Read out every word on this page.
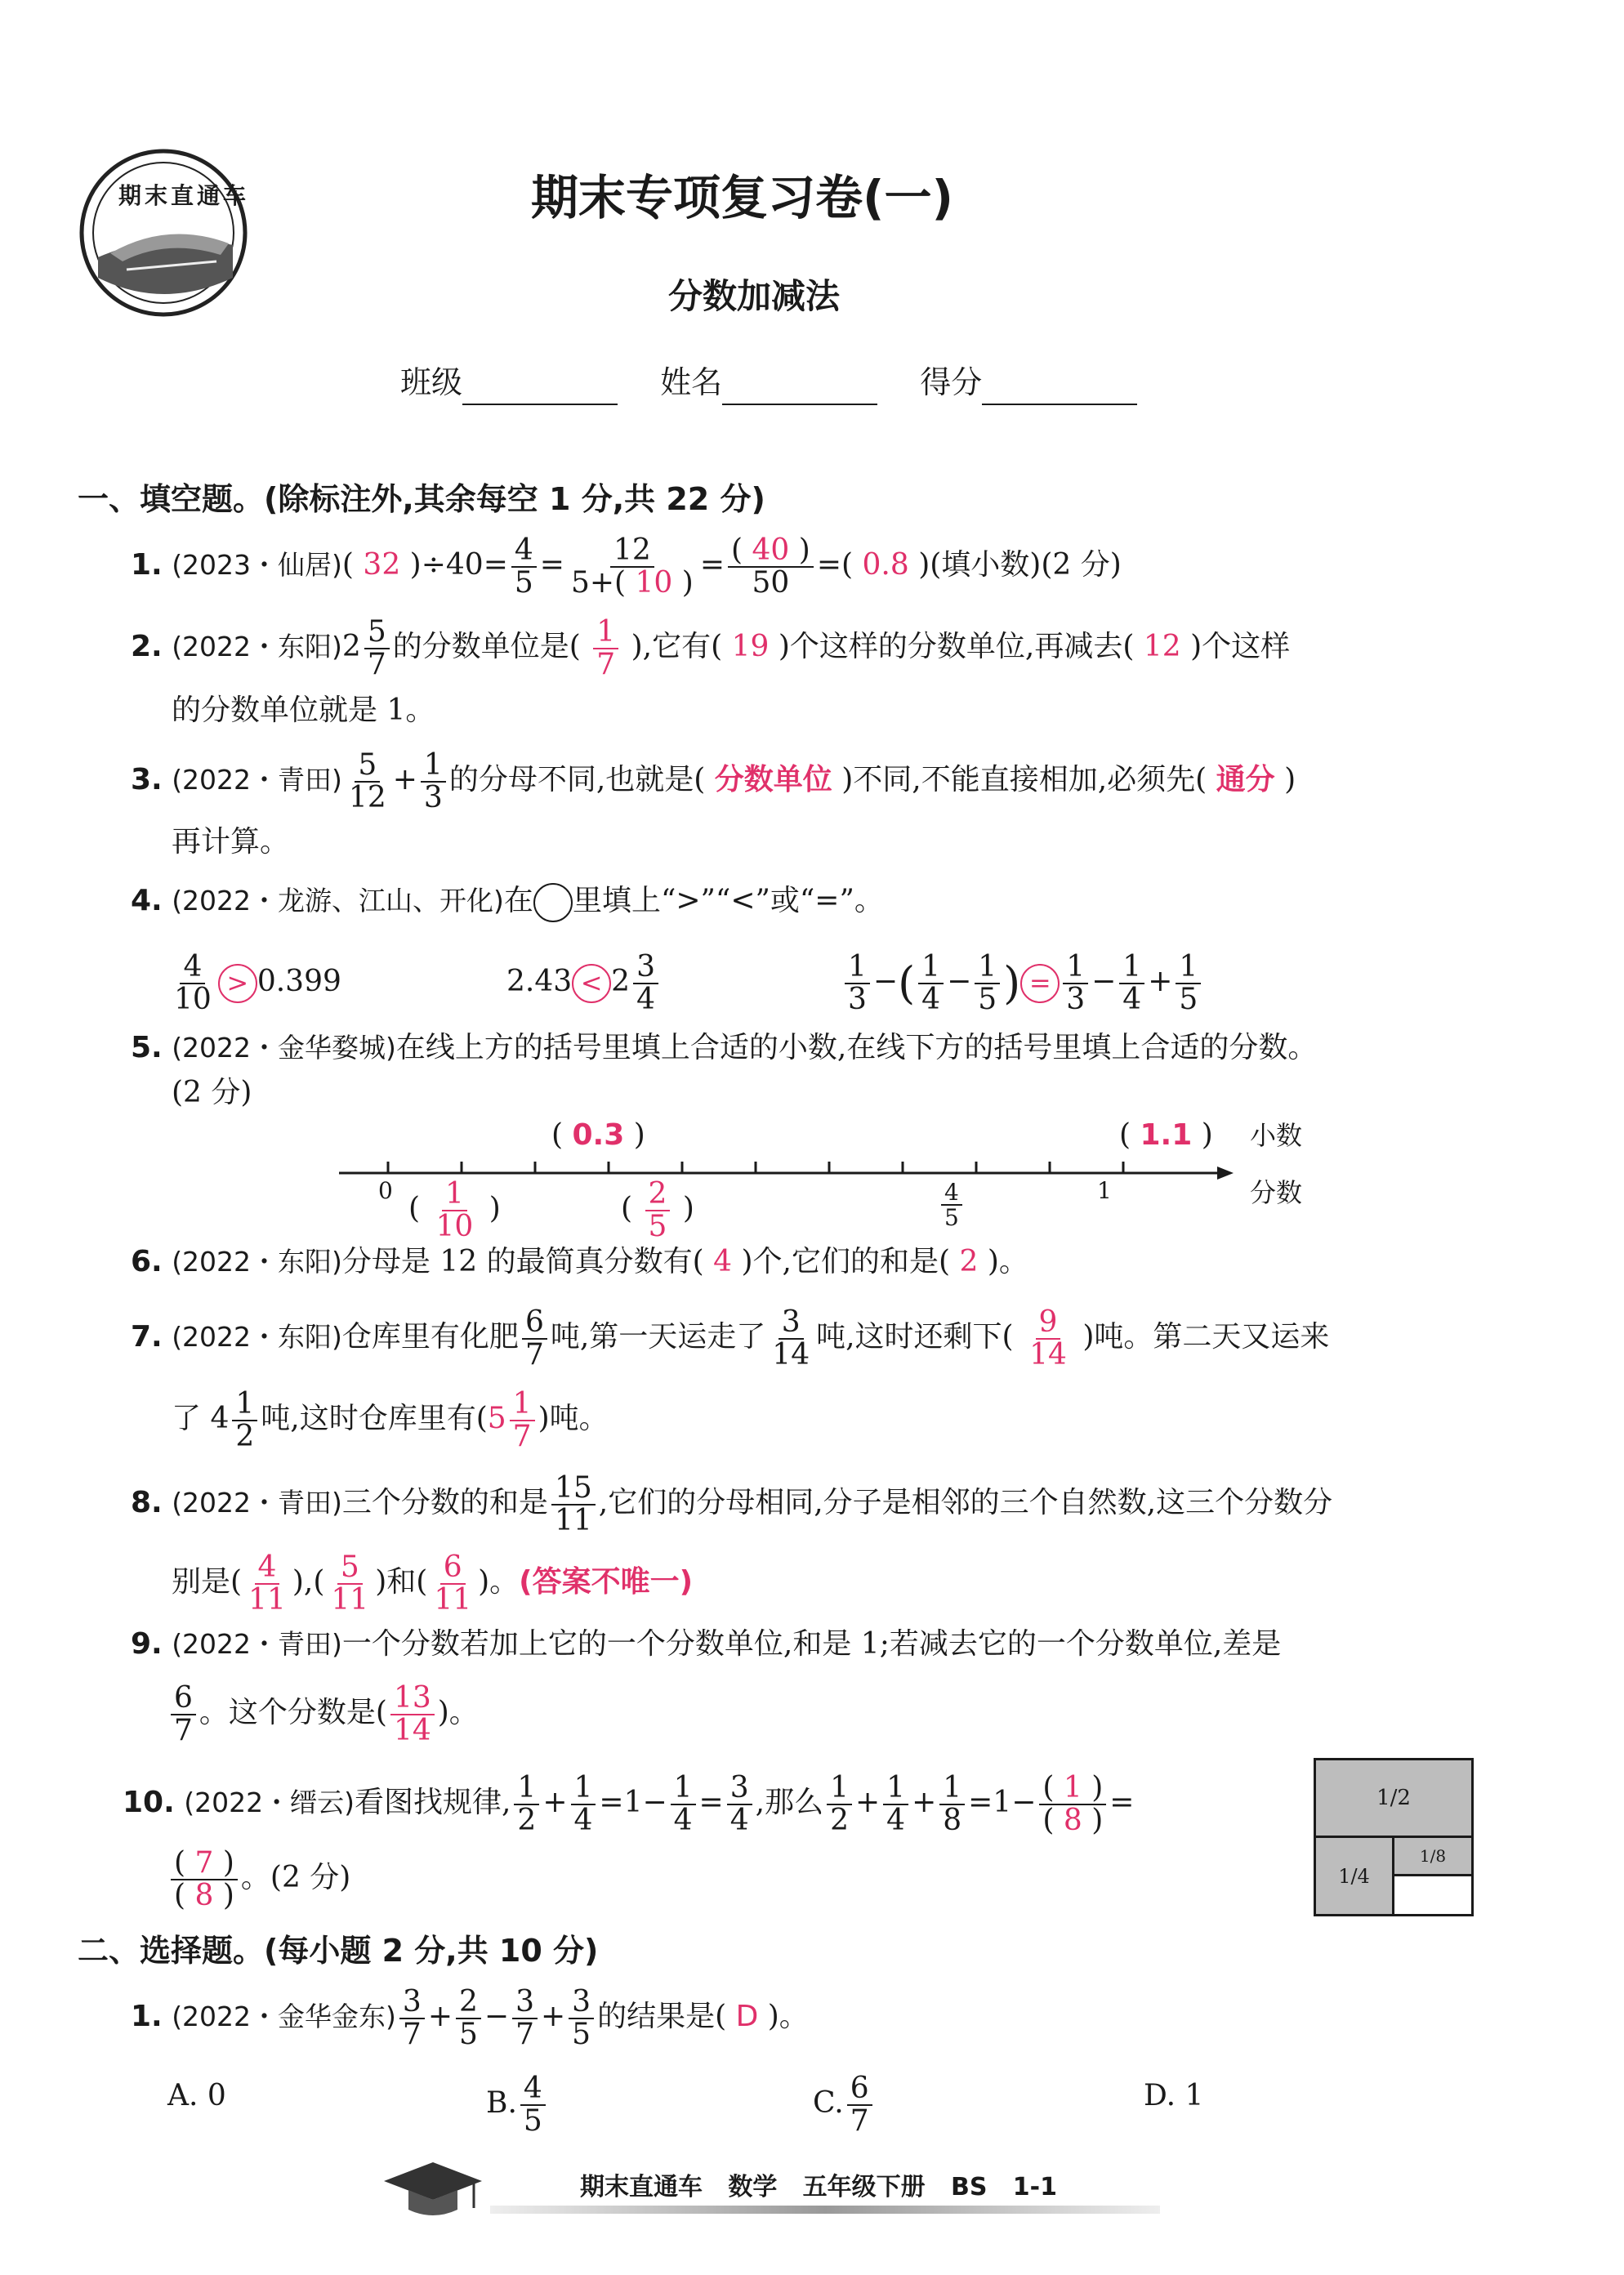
期末直通车	期末专项复习卷(一)
分数加减法
班级	姓名	得分
一、填空题。(除标注外,其余每空 1 分,共 22 分)
1. (2023・仙居)( 32 )$\div 40= \frac{4}{5} = \frac{12}{5+( 10 )} = \frac{( 40 )}{50}$ =( 0.8 )(填小数)(2 分)
2. (2022・东阳)$2 \frac{5}{7}$ 的分数单位是( $\frac{1}{7}$ ),它有( 19 )个这样的分数单位,再减去( 12 )个这样
的分数单位就是 1。
3. (2022・青田) $\frac{5}{12} + \frac{1}{3}$ 的分母不同,也就是( 分数单位 )不同,不能直接相加,必须先( 通分 )
再计算。
4. (2022・龙游、江山、开化)在 里填上“>”“<”或“=”。
$\frac{4}{10} > 0.399$	$2.43 < 2 \frac{3}{4}$	$\frac{1}{3}$ −( $\frac{1}{4} - \frac{1}{5}$ ) = $\frac{1}{3} - \frac{1}{4} + \frac{1}{5}$
5. (2022・金华婺城)在线上方的括号里填上合适的小数,在线下方的括号里填上合适的分数。
(2 分)
( 0.3 )	( 1.1 ) 小数
分数
0	1
$\frac{4}{5}$
( $\frac{1}{10}$ )	( $\frac{2}{5}$ )
6. (2022・东阳)分母是 12 的最简真分数有( 4 )个,它们的和是( 2 )。
7. (2022・东阳)仓库里有化肥 $\frac{6}{7}$ 吨,第一天运走了 $\frac{3}{14}$ 吨,这时还剩下( $\frac{9}{14}$ )吨。第二天又运来
了 $4 \frac{1}{2}$ 吨,这时仓库里有($5 \frac{1}{7}$ )吨。
8. (2022・青田)三个分数的和是 $\frac{15}{11}$ ,它们的分母相同,分子是相邻的三个自然数,这三个分数分
别是( $\frac{4}{11}$ ),( $\frac{5}{11}$ )和( $\frac{6}{11}$ )。(答案不唯一)
9. (2022・青田)一个分数若加上它的一个分数单位,和是 1;若减去它的一个分数单位,差是
$\frac{6}{7}$ 。这个分数是( $\frac{13}{14}$ )。
10. (2022・缙云)看图找规律, $\frac{1}{2} + \frac{1}{4} =1- \frac{1}{4} = \frac{3}{4}$ ,那么 $\frac{1}{2} + \frac{1}{4} + \frac{1}{8} =1- \frac{( 1 )}{( 8 )}$ =
$\frac{( 7 )}{( 8 )}$ 。(2 分)
1/2
1/4
1/8
二、选择题。(每小题 2 分,共 10 分)
1. (2022・金华金东) $\frac{3}{7} + \frac{2}{5} - \frac{3}{7} + \frac{3}{5}$ 的结果是( D )。
A. 0	B. $\frac{4}{5}$	C. $\frac{6}{7}$	D. 1
期末直通车   数学   五年级下册   BS   1-1
